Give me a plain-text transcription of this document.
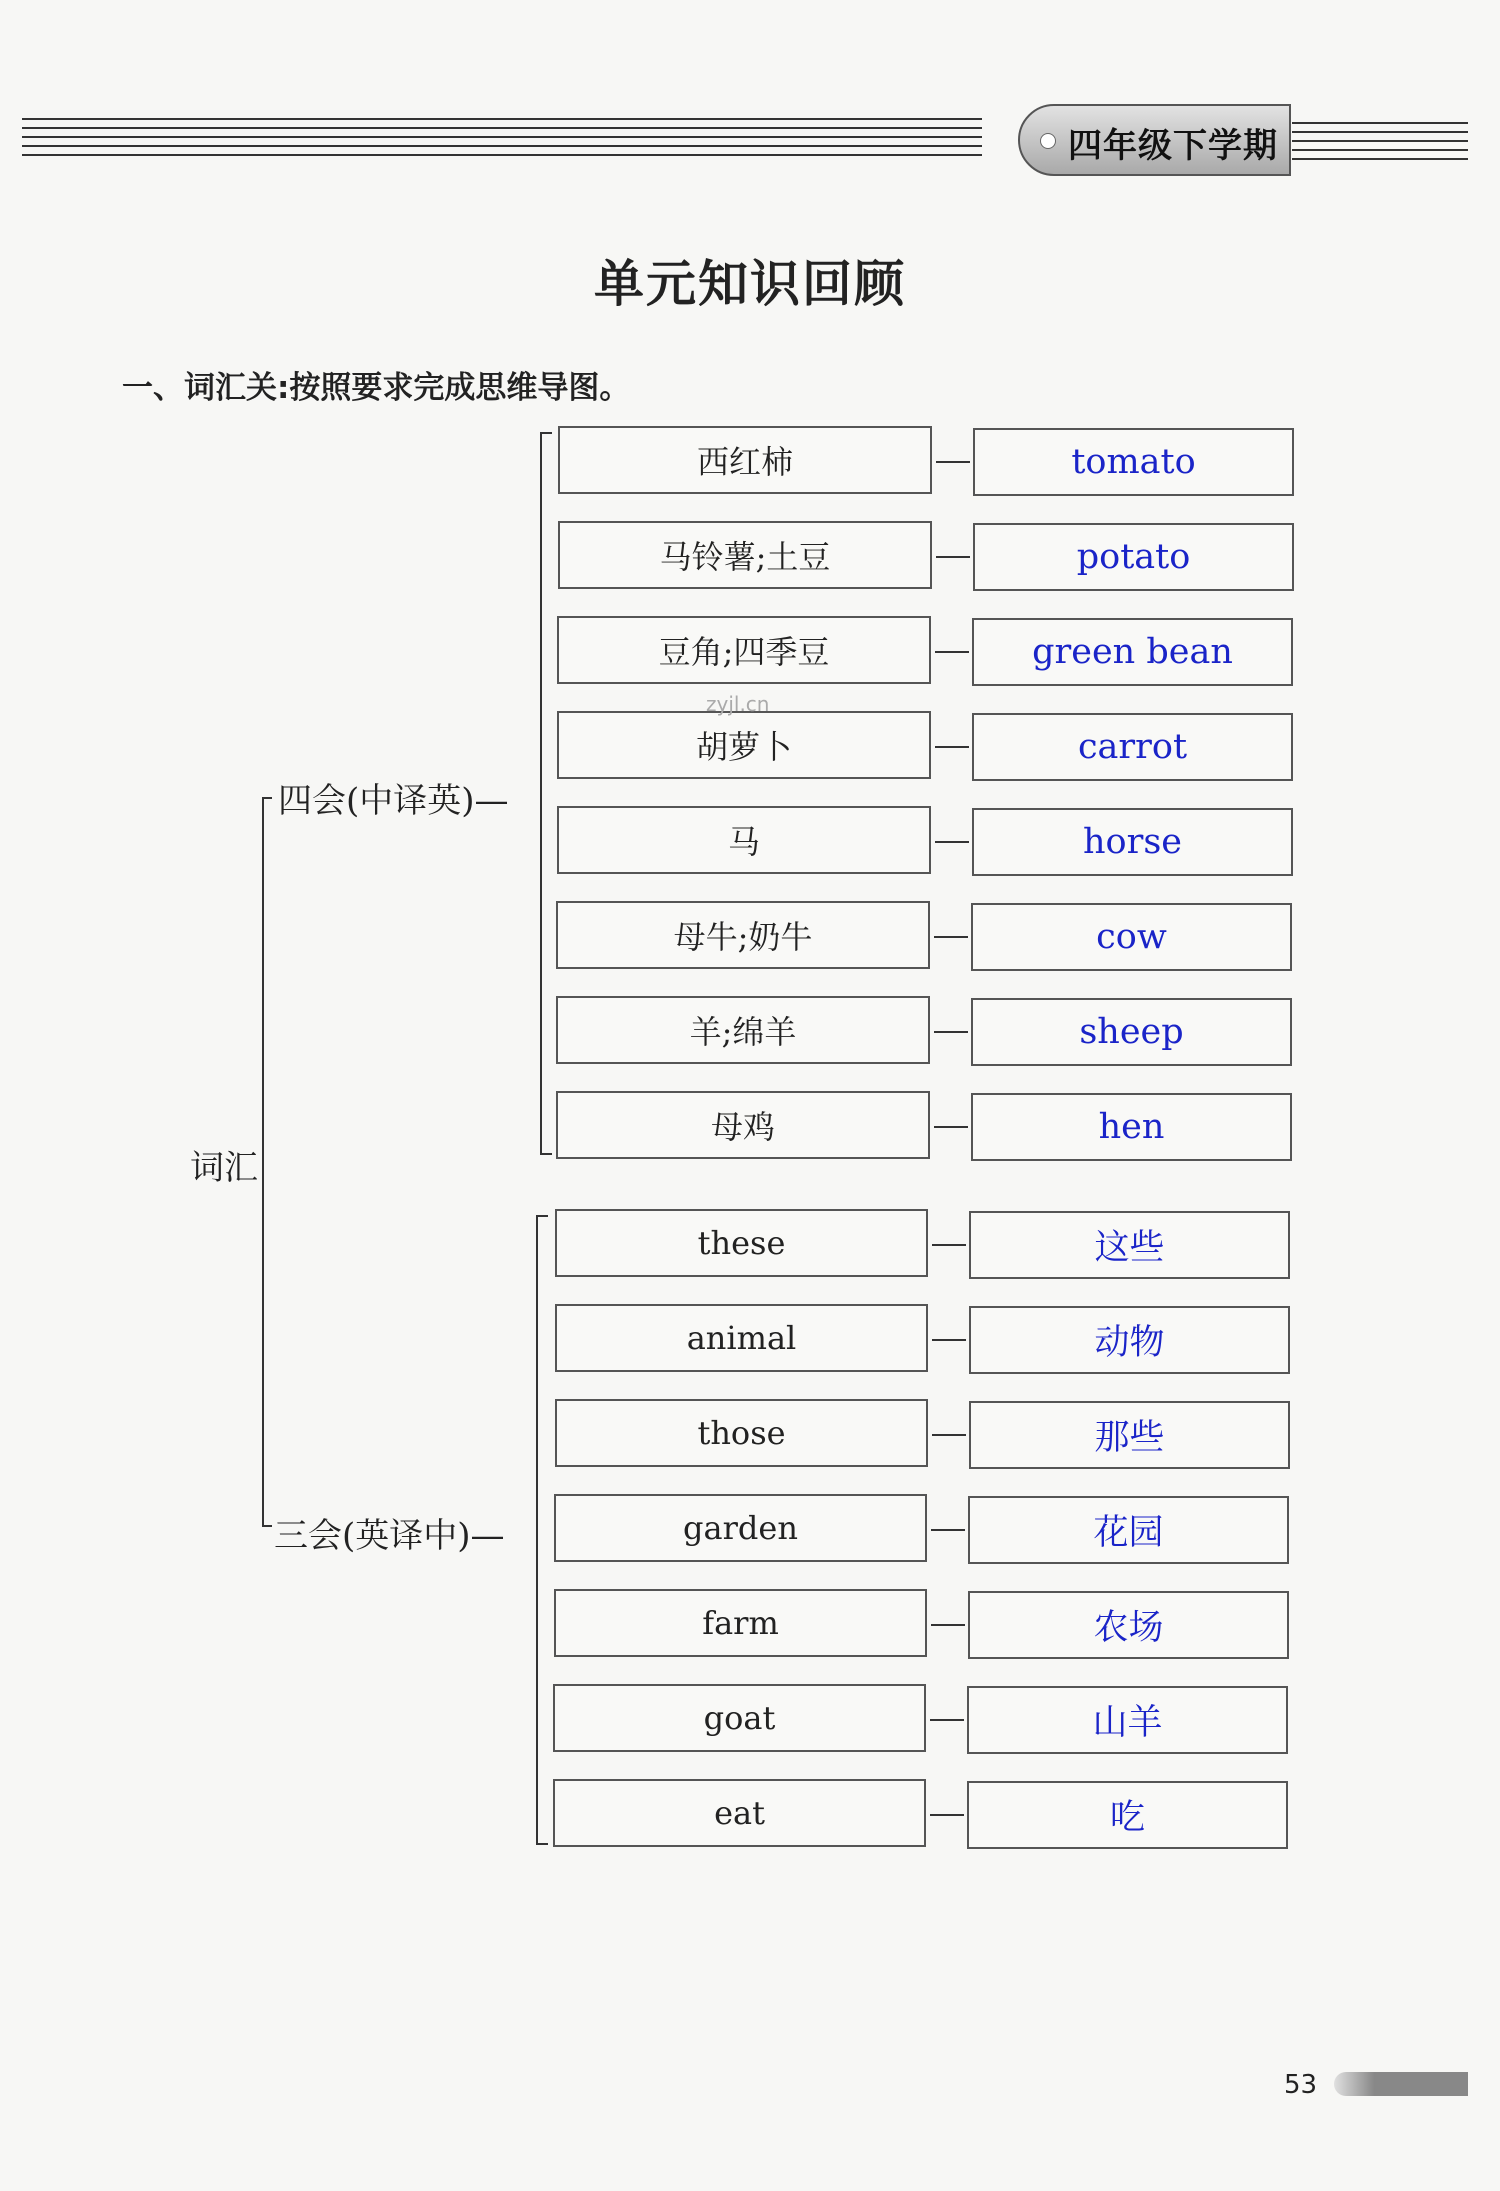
四年级下学期
单元知识回顾
一、词汇关:按照要求完成思维导图。
词汇
四会(中译英)—
三会(英译中)—
西红柿	tomato
马铃薯;土豆	potato
豆角;四季豆	green bean
胡萝卜	carrot
马	horse
母牛;奶牛	cow
羊;绵羊	sheep
母鸡	hen
these	这些
animal	动物
those	那些
garden	花园
farm	农场
goat	山羊
eat	吃
zyjl.cn
53
